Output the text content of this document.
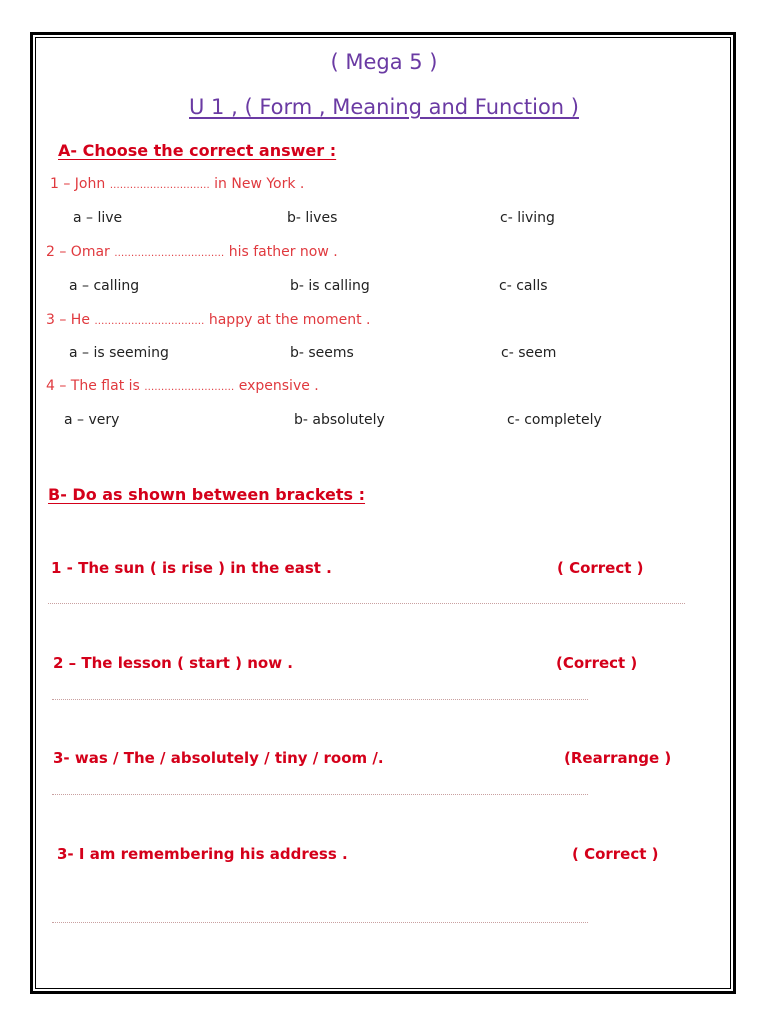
( Mega 5 )
U 1 , ( Form , Meaning and Function )
A- Choose the correct answer :
1 – John ………………………… in New York .
a – live	b- lives	c- living
2 – Omar …………………………… his father now .
a – calling	b- is calling	c- calls
3 – He …………………………… happy at the moment .
a – is seeming	b- seems	c- seem
4 – The flat is ……………………… expensive .
a – very	b- absolutely	c- completely
B- Do as shown between brackets :
1 - The sun ( is rise ) in the east .	( Correct )
2 – The lesson ( start ) now .	(Correct )
3- was / The / absolutely / tiny / room /.	(Rearrange )
3- I am remembering his address .	( Correct )
